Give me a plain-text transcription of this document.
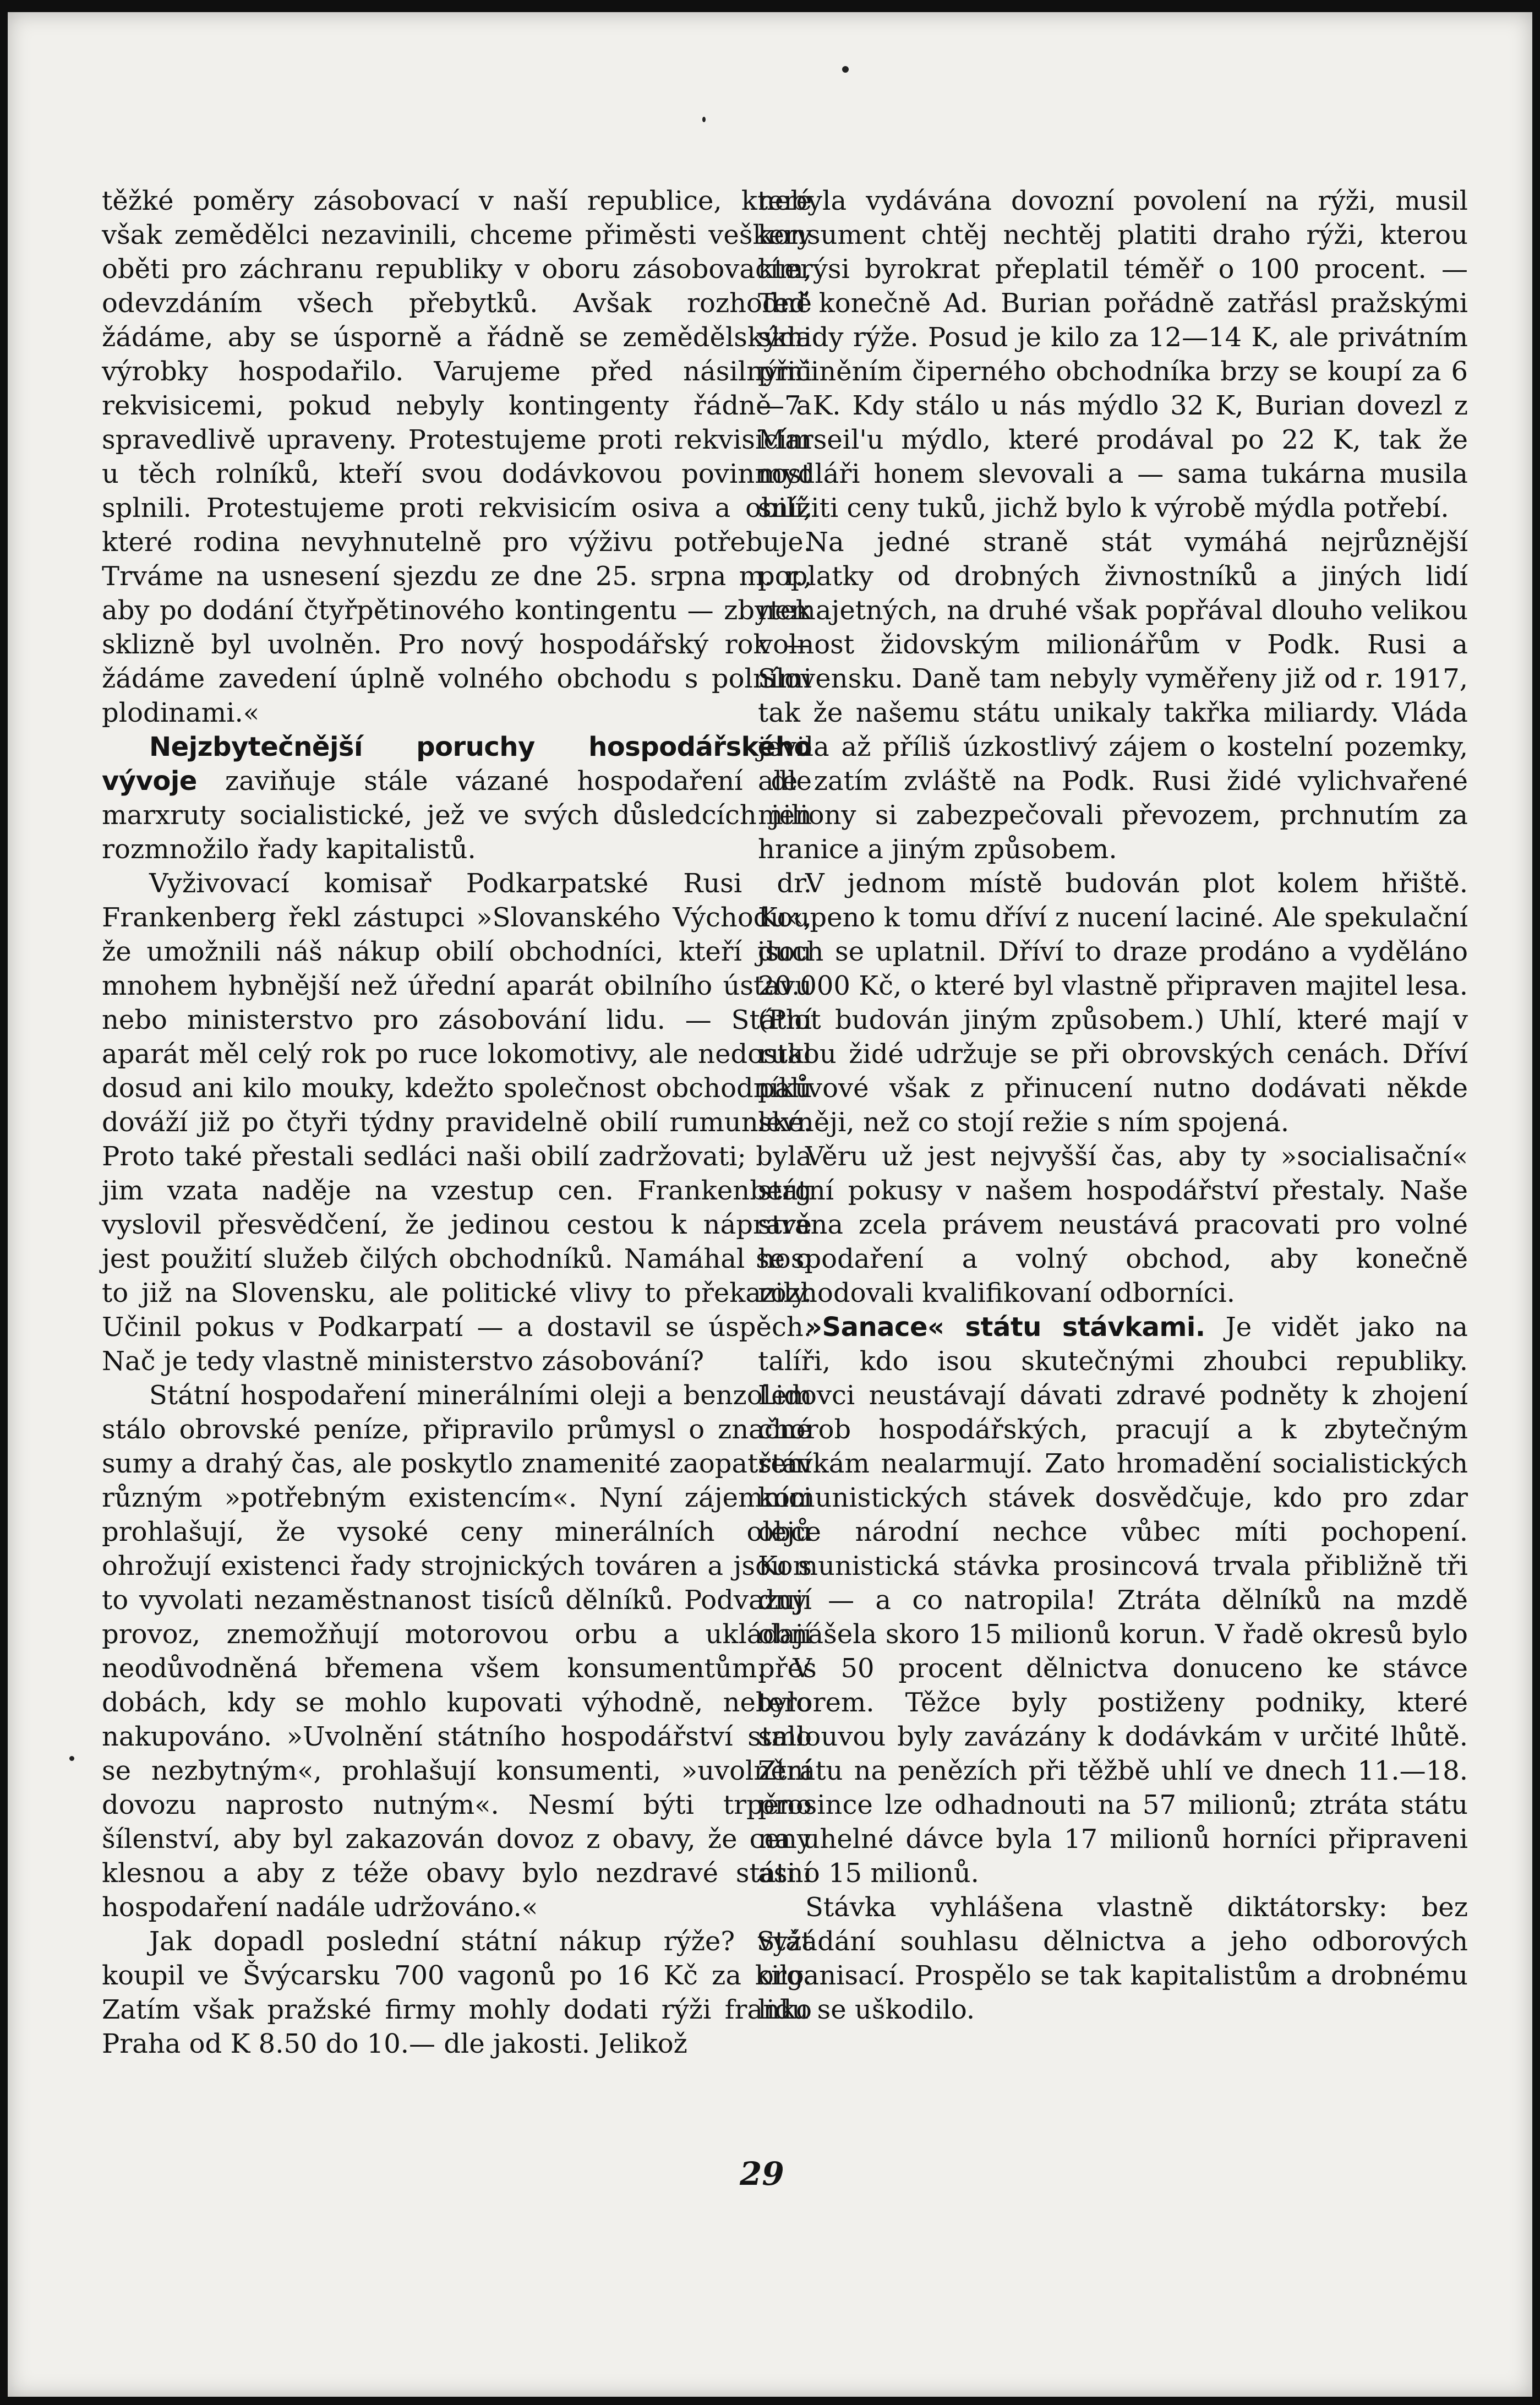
těžké poměry zásobovací v naší republice, které však zemědělci nezavinili, chceme přiměsti veškery oběti pro záchranu republiky v oboru zásobovacím, odevzdáním všech přebytků. Avšak rozhodně žádáme, aby se úsporně a řádně se zemědělskými výrobky hospodařilo. Varujeme před násilnými rekvisicemi, pokud nebyly kontingenty řádně a spravedlivě upraveny. Protestujeme proti rekvisicím u těch rolníků, kteří svou dodávkovou povinnost splnili. Protestujeme proti rekvisicím osiva a obilí, které rodina nevyhnutelně pro výživu potřebuje. Trváme na usnesení sjezdu ze dne 25. srpna m. r., aby po dodání čtyřpětinového kontingentu — zbytek sklizně byl uvolněn. Pro nový hospodářský rok — žádáme zavedení úplně volného obchodu s polními plodinami.«

Nejzbytečnější poruchy hospodářského vývoje zaviňuje stále vázané hospodaření dle marxruty socialistické, jež ve svých důsledcích jen rozmnožilo řady kapitalistů.

Vyživovací komisař Podkarpatské Rusi dr. Frankenberg řekl zástupci »Slovanského Východu«, že umožnili náš nákup obilí obchodníci, kteří jsou mnohem hybnější než úřední aparát obilního ústavu nebo ministerstvo pro zásobování lidu. — Státní aparát měl celý rok po ruce lokomotivy, ale nedostal dosud ani kilo mouky, kdežto společnost obchodníků dováží již po čtyři týdny pravidelně obilí rumunské. Proto také přestali sedláci naši obilí zadržovati; byla jim vzata naděje na vzestup cen. Frankenberg vyslovil přesvědčení, že jedinou cestou k nápravě jest použití služeb čilých obchodníků. Namáhal se o to již na Slovensku, ale politické vlivy to překazily. Učinil pokus v Podkarpatí — a dostavil se úspěch. Nač je tedy vlastně ministerstvo zásobování?

Státní hospodaření minerálními oleji a benzolem stálo obrovské peníze, připravilo průmysl o značné sumy a drahý čas, ale poskytlo znamenité zaopatření různým »potřebným existencím«. Nyní zájemníci prohlašují, že vysoké ceny minerálních olejů ohrožují existenci řady strojnických továren a jsou s to vyvolati nezaměstnanost tisíců dělníků. Podvazují provoz, znemožňují motorovou orbu a ukládají neodůvodněná břemena všem konsumentům. V dobách, kdy se mohlo kupovati výhodně, nebylo nakupováno. »Uvolnění státního hospodářství stalo se nezbytným«, prohlašují konsumenti, »uvolnění dovozu naprosto nutným«. Nesmí býti trpěno šílenství, aby byl zakazován dovoz z obavy, že ceny klesnou a aby z téže obavy bylo nezdravé státní hospodaření nadále udržováno.«

Jak dopadl poslední státní nákup rýže? Stát koupil ve Švýcarsku 700 vagonů po 16 Kč za kilo. Zatím však pražské firmy mohly dodati rýži franko Praha od K 8.50 do 10.— dle jakosti. Jelikož

nebyla vydávána dovozní povolení na rýži, musil konsument chtěj nechtěj platiti draho rýži, kterou kterýsi byrokrat přeplatil téměř o 100 procent. — Teď konečně Ad. Burian pořádně zatřásl pražskými sklady rýže. Posud je kilo za 12—14 K, ale privátním přičiněním čiperného obchodníka brzy se koupí za 6—7 K. Kdy stálo u nás mýdlo 32 K, Burian dovezl z Marseil'u mýdlo, které prodával po 22 K, tak že mydláři honem slevovali a — sama tukárna musila snížiti ceny tuků, jichž bylo k výrobě mýdla potřebí.

Na jedné straně stát vymáhá nejrůznější poplatky od drobných živnostníků a jiných lidí nemajetných, na druhé však popřával dlouho velikou volnost židovským milionářům v Podk. Rusi a Slovensku. Daně tam nebyly vyměřeny již od r. 1917, tak že našemu státu unikaly takřka miliardy. Vláda jevila až příliš úzkostlivý zájem o kostelní pozemky, ale zatím zvláště na Podk. Rusi židé vylichvařené miliony si zabezpečovali převozem, prchnutím za hranice a jiným způsobem.

V jednom místě budován plot kolem hřiště. Koupeno k tomu dříví z nucení laciné. Ale spekulační duch se uplatnil. Dříví to draze prodáno a vyděláno 20.000 Kč, o které byl vlastně připraven majitel lesa. (Plot budován jiným způsobem.) Uhlí, které mají v rukou židé udržuje se při obrovských cenách. Dříví palivové však z přinucení nutno dodávati někde levněji, než co stojí režie s ním spojená.

Věru už jest nejvyšší čas, aby ty »socialisační« státní pokusy v našem hospodářství přestaly. Naše strana zcela právem neustává pracovati pro volné hospodaření a volný obchod, aby konečně rozhodovali kvalifikovaní odborníci.

»Sanace« státu stávkami. Je vidět jako na talíři, kdo isou skutečnými zhoubci republiky. Lidovci neustávají dávati zdravé podněty k zhojení chorob hospodářských, pracují a k zbytečným stávkám nealarmují. Zato hromadění socialistických komunistických stávek dosvědčuje, kdo pro zdar obce národní nechce vůbec míti pochopení. Komunistická stávka prosincová trvala přibližně tři dny — a co natropila! Ztráta dělníků na mzdě obnášela skoro 15 milionů korun. V řadě okresů bylo přes 50 procent dělnictva donuceno ke stávce terorem. Těžce byly postiženy podniky, které smlouvou byly zavázány k dodávkám v určité lhůtě. Ztrátu na penězích při těžbě uhlí ve dnech 11.—18. prosince lze odhadnouti na 57 milionů; ztráta státu na uhelné dávce byla 17 milionů horníci připraveni asi o 15 milionů.

Stávka vyhlášena vlastně diktátorsky: bez vyžádání souhlasu dělnictva a jeho odborových organisací. Prospělo se tak kapitalistům a drobnému lidu se uškodilo.

29
